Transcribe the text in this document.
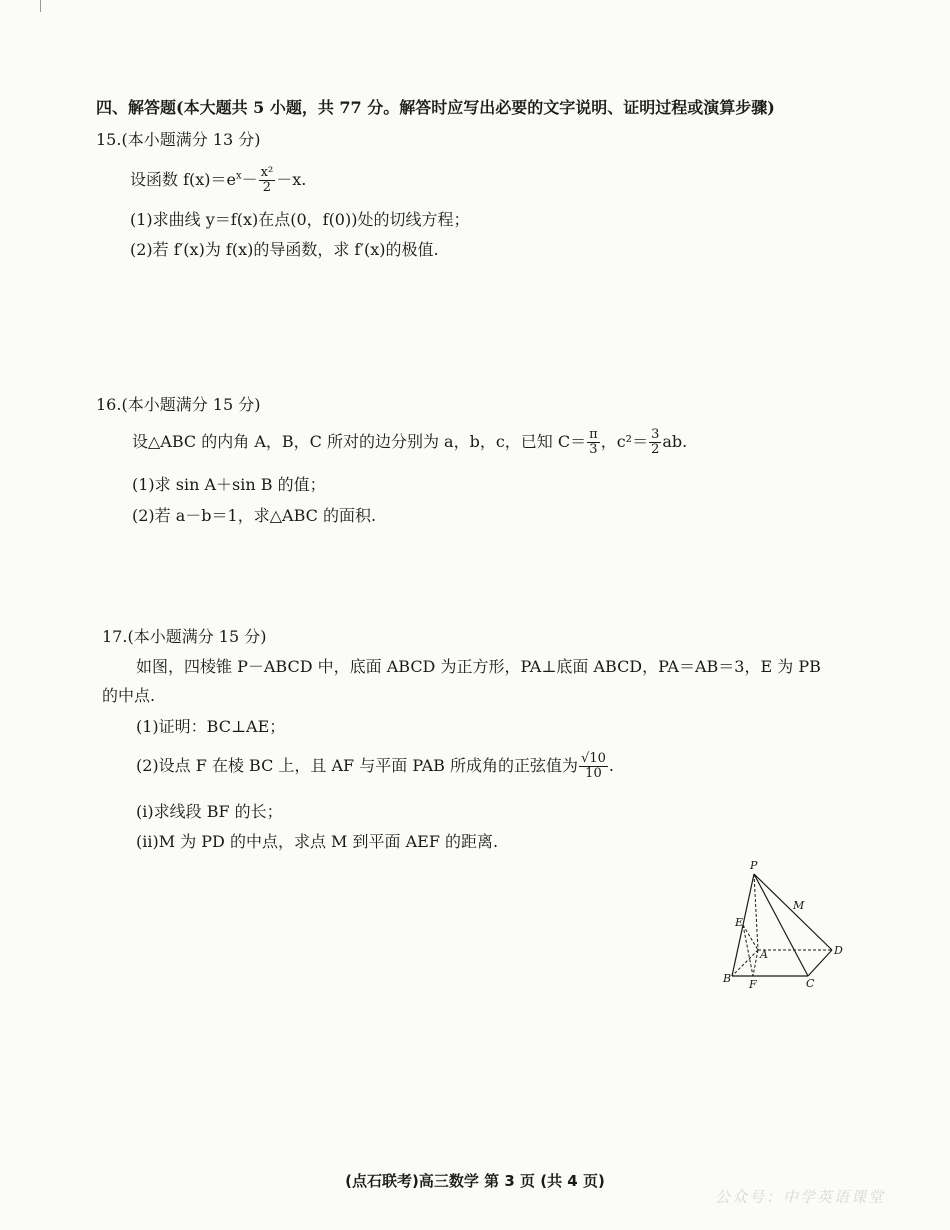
四、解答题(本大题共 5 小题，共 77 分。解答时应写出必要的文字说明、证明过程或演算步骤)
15.(本小题满分 13 分)
设函数 $f(x)=e^x- \frac{\text{x²}}{2} -x$.
(1)求曲线 y＝f(x)在点(0，f(0))处的切线方程；
(2)若 f′(x)为 f(x)的导函数，求 f′(x)的极值.
16.(本小题满分 15 分)
设△ABC 的内角 A，B，C 所对的边分别为 a，b，c，已知 $C= \frac{\pi}{3}$ ，$c^2= \frac{3}{2}$ ab.
(1)求 sin A＋sin B 的值；
(2)若 a－b＝1，求△ABC 的面积.
17.(本小题满分 15 分)
如图，四棱锥 P－ABCD 中，底面 ABCD 为正方形，PA⊥底面 ABCD，PA＝AB＝3，E 为 PB
的中点.
(1)证明：BC⊥AE；
(2)设点 F 在棱 BC 上，且 AF 与平面 PAB 所成角的正弦值为 $\frac{√10}{10}$ .
(ⅰ)求线段 BF 的长；
(ⅱ)M 为 PD 的中点，求点 M 到平面 AEF 的距离.
P
M
E
A	D
B F	C
(点石联考)高三数学 第 3 页 (共 4 页)
公众号：中学英语课堂
